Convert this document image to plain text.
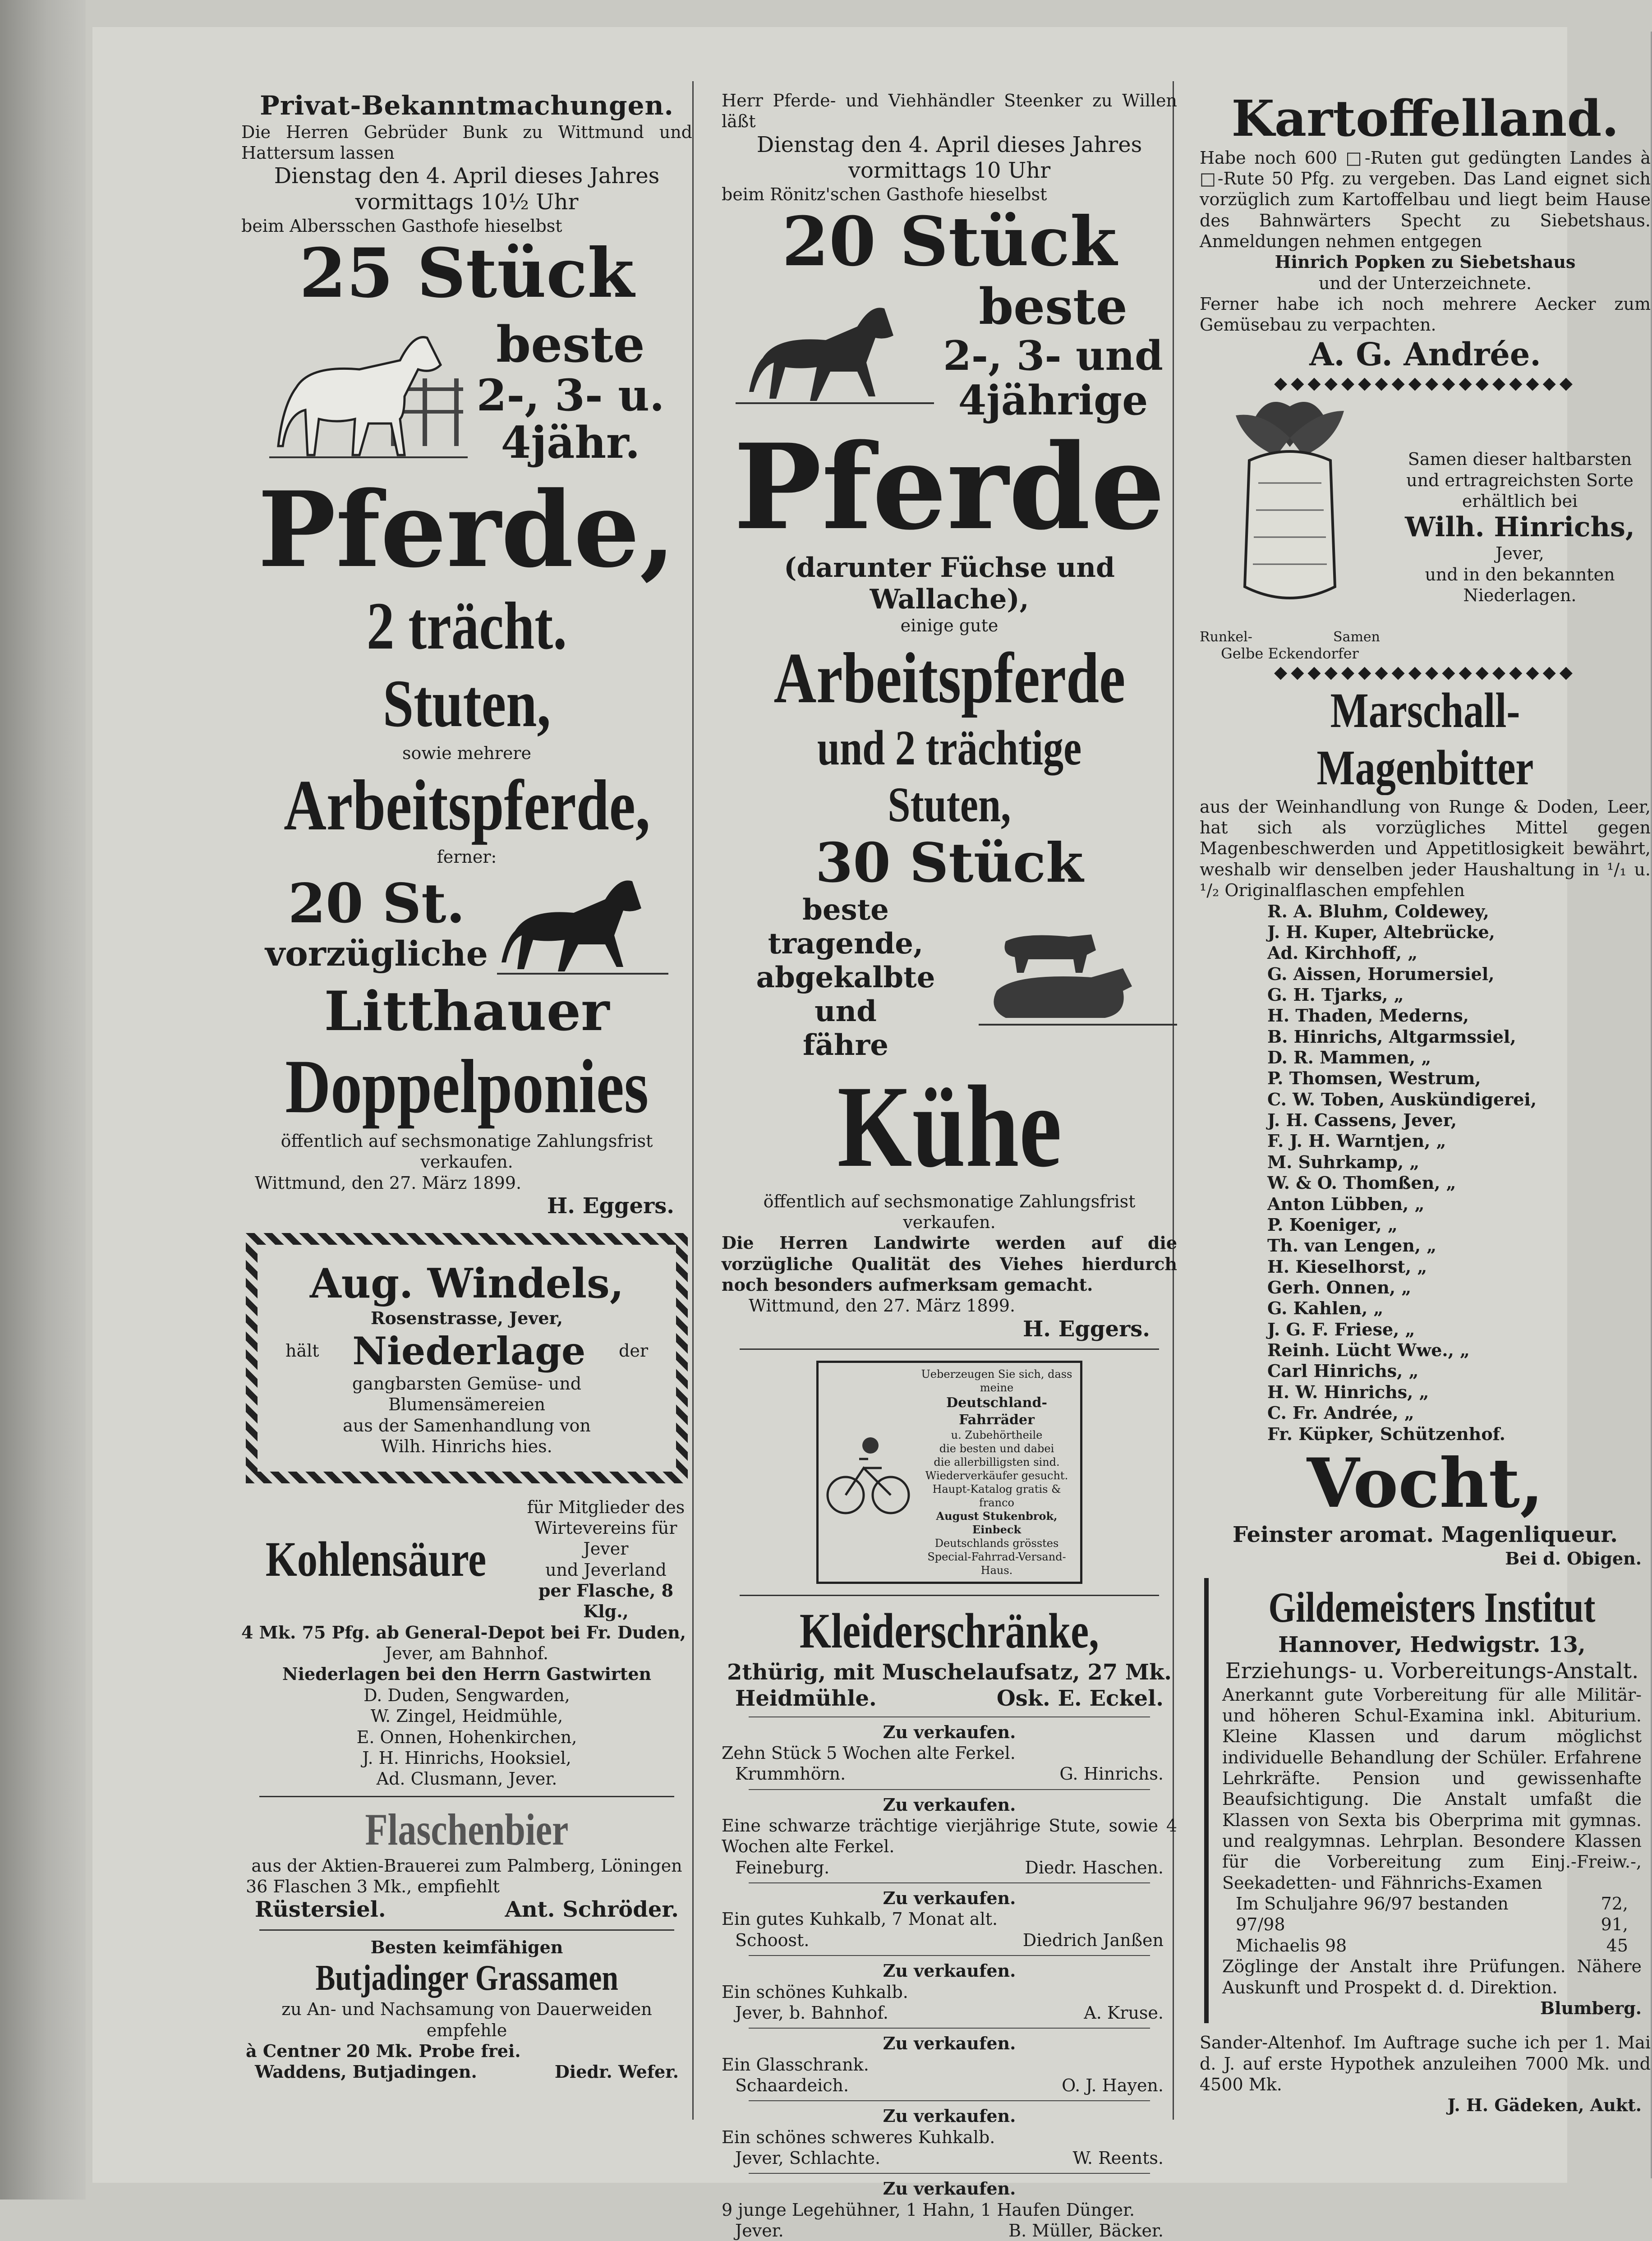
Privat-Bekanntmachungen.

Die Herren Gebrüder Bunk zu Wittmund und Hattersum lassen

Dienstag den 4. April dieses Jahres

vormittags 10½ Uhr

beim Albersschen Gasthofe hieselbst

25 Stück

beste

2-, 3- u.

4jähr.

Pferde,

2 trächt. Stuten,

sowie mehrere

Arbeitspferde,

ferner:

20 St.

vorzügliche

Litthauer

Doppelponies

öffentlich auf sechsmonatige Zahlungsfrist verkaufen.

Wittmund, den 27. März 1899.

H. Eggers.

Aug. Windels,

Rosenstrasse, Jever,

hält Niederlage der

gangbarsten Gemüse- und Blumensämereien

aus der Samenhandlung von

Wilh. Hinrichs hies.

Kohlensäure

für Mitglieder des

Wirtevereins für Jever

und Jeverland

per Flasche, 8 Klg.,

4 Mk. 75 Pfg. ab General-Depot bei Fr. Duden,

Jever, am Bahnhof.

Niederlagen bei den Herrn Gastwirten

D. Duden, Sengwarden,

W. Zingel, Heidmühle,

E. Onnen, Hohenkirchen,

J. H. Hinrichs, Hooksiel,

Ad. Clusmann, Jever.

Flaschenbier

aus der Aktien-Brauerei zum Palmberg, Löningen

36 Flaschen 3 Mk., empfiehlt

Rüstersiel.	Ant. Schröder.

Besten keimfähigen

Butjadinger Grassamen

zu An- und Nachsamung von Dauerweiden empfehle

à Centner 20 Mk. Probe frei.

Waddens, Butjadingen.	Diedr. Wefer.

Herr Pferde- und Viehhändler Steenker zu Willen läßt

Dienstag den 4. April dieses Jahres

vormittags 10 Uhr

beim Rönitz'schen Gasthofe hieselbst

20 Stück

beste

2-, 3- und

4jährige

Pferde

(darunter Füchse und Wallache),

einige gute

Arbeitspferde

und 2 trächtige Stuten,

30 Stück

beste tragende,

abgekalbte und

fähre

Kühe

öffentlich auf sechsmonatige Zahlungsfrist verkaufen.

Die Herren Landwirte werden auf die vorzügliche Qualität des Viehes hierdurch noch besonders aufmerksam gemacht.

Wittmund, den 27. März 1899.

H. Eggers.

Ueberzeugen Sie sich, dass meine

Deutschland-

Fahrräder

u. Zubehörtheile

die besten und dabei

die allerbilligsten sind.

Wiederverkäufer gesucht.

Haupt-Katalog gratis & franco

August Stukenbrok, Einbeck

Deutschlands grösstes

Special-Fahrrad-Versand-Haus.

Kleiderschränke,

2thürig, mit Muschelaufsatz, 27 Mk.

Heidmühle.	Osk. E. Eckel.

Zu verkaufen.

Zehn Stück 5 Wochen alte Ferkel.

Krummhörn.	G. Hinrichs.

Zu verkaufen.

Eine schwarze trächtige vierjährige Stute, sowie 4 Wochen alte Ferkel.

Feineburg.	Diedr. Haschen.

Zu verkaufen.

Ein gutes Kuhkalb, 7 Monat alt.

Schoost.	Diedrich Janßen

Zu verkaufen.

Ein schönes Kuhkalb.

Jever, b. Bahnhof.	A. Kruse.

Zu verkaufen.

Ein Glasschrank.

Schaardeich.	O. J. Hayen.

Zu verkaufen.

Ein schönes schweres Kuhkalb.

Jever, Schlachte.	W. Reents.

Zu verkaufen.

9 junge Legehühner, 1 Hahn, 1 Haufen Dünger.

Jever.	B. Müller, Bäcker.

Kartoffelland.

Habe noch 600 □-Ruten gut gedüngten Landes à □-Rute 50 Pfg. zu vergeben. Das Land eignet sich vorzüglich zum Kartoffelbau und liegt beim Hause des Bahnwärters Specht zu Siebetshaus. Anmeldungen nehmen entgegen

Hinrich Popken zu Siebetshaus

und der Unterzeichnete.

Ferner habe ich noch mehrere Aecker zum Gemüsebau zu verpachten.

A. G. Andrée.

◆◆◆◆◆◆◆◆◆◆◆◆◆◆◆◆◆◆
Runkel-	Samen

Gelbe Eckendorfer

Samen dieser haltbarsten

und ertragreichsten Sorte

erhältlich bei

Wilh. Hinrichs,

Jever,

und in den bekannten

Niederlagen.

◆◆◆◆◆◆◆◆◆◆◆◆◆◆◆◆◆◆

Marschall-Magenbitter

aus der Weinhandlung von Runge & Doden, Leer, hat sich als vorzügliches Mittel gegen Magenbeschwerden und Appetitlosigkeit bewährt, weshalb wir denselben jeder Haushaltung in ¹/₁ u. ¹/₂ Originalflaschen empfehlen

R. A. Bluhm, Coldewey,

J. H. Kuper, Altebrücke,

Ad. Kirchhoff, „

G. Aissen, Horumersiel,

G. H. Tjarks, „

H. Thaden, Mederns,

B. Hinrichs, Altgarmssiel,

D. R. Mammen, „

P. Thomsen, Westrum,

C. W. Toben, Auskündigerei,

J. H. Cassens, Jever,

F. J. H. Warntjen, „

M. Suhrkamp, „

W. & O. Thomßen, „

Anton Lübben, „

P. Koeniger, „

Th. van Lengen, „

H. Kieselhorst, „

Gerh. Onnen, „

G. Kahlen, „

J. G. F. Friese, „

Reinh. Lücht Wwe., „

Carl Hinrichs, „

H. W. Hinrichs, „

C. Fr. Andrée, „

Fr. Küpker, Schützenhof.

Vocht,

Feinster aromat. Magenliqueur.

Bei d. Obigen.

Gildemeisters Institut

Hannover, Hedwigstr. 13,

Erziehungs- u. Vorbereitungs-Anstalt.

Anerkannt gute Vorbereitung für alle Militär- und höheren Schul-Examina inkl. Abiturium. Kleine Klassen und darum möglichst individuelle Behandlung der Schüler. Erfahrene Lehrkräfte. Pension und gewissenhafte Beaufsichtigung. Die Anstalt umfaßt die Klassen von Sexta bis Oberprima mit gymnas. und realgymnas. Lehrplan. Besondere Klassen für die Vorbereitung zum Einj.-Freiw.-, Seekadetten- und Fähnrichs-Examen

Im Schuljahre 96/97 bestanden	72,
97/98	91,
Michaelis 98	45

Zöglinge der Anstalt ihre Prüfungen. Nähere Auskunft und Prospekt d. d. Direktion.

Blumberg.

Sander-Altenhof. Im Auftrage suche ich per 1. Mai d. J. auf erste Hypothek anzuleihen 7000 Mk. und 4500 Mk.

J. H. Gädeken, Aukt.
